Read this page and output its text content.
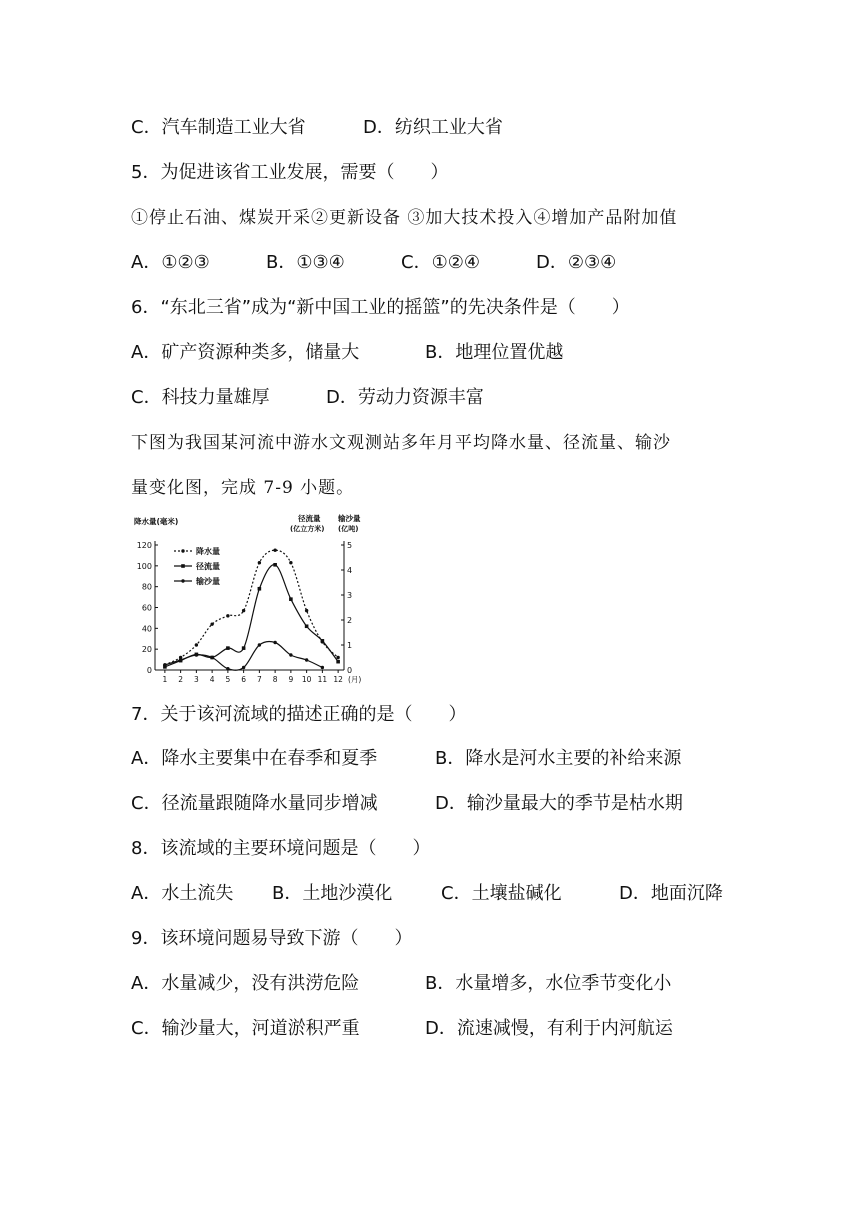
C．汽车制造工业大省	D．纺织工业大省
5．为促进该省工业发展，需要（　　）
①停止石油、煤炭开采②更新设备 ③加大技术投入④增加产品附加值
A．①②③	B．①③④	C．①②④	D．②③④
6．“东北三省”成为“新中国工业的摇篮”的先决条件是（　　）
A．矿产资源种类多，储量大	B．地理位置优越
C．科技力量雄厚	D．劳动力资源丰富
下图为我国某河流中游水文观测站多年月平均降水量、径流量、输沙
量变化图，完成 7-9 小题。
降水量(毫米)	径流量
(亿立方米)
输沙量
(亿吨)
0
20
40
60
80
100
120
0
1
2
3
4
5
1 2 3 4 5 6 7 8 9 10 11 12 (月)
降水量
径流量
输沙量
7．关于该河流域的描述正确的是（　　）
A．降水主要集中在春季和夏季	B．降水是河水主要的补给来源
C．径流量跟随降水量同步增减	D．输沙量最大的季节是枯水期
8．该流域的主要环境问题是（　　）
A．水土流失 B．土地沙漠化	C．土壤盐碱化	D．地面沉降
9．该环境问题易导致下游（　　）
A．水量减少，没有洪涝危险	B．水量增多，水位季节变化小
C．输沙量大，河道淤积严重	D．流速减慢，有利于内河航运
